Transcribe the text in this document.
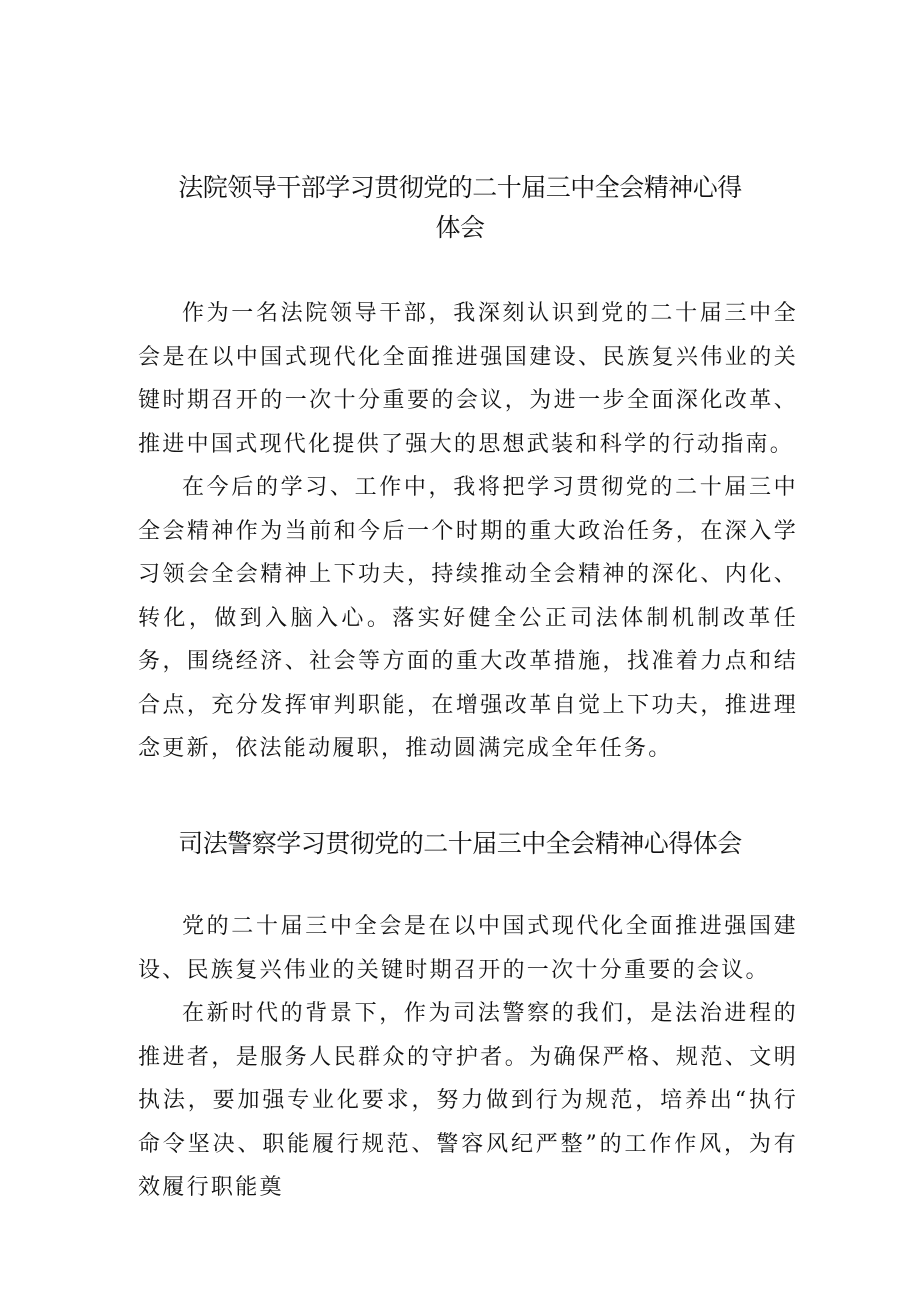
法院领导干部学习贯彻党的二十届三中全会精神心得
体会

作为一名法院领导干部，我深刻认识到党的二十届三中全会是在以中国式现代化全面推进强国建设、民族复兴伟业的关键时期召开的一次十分重要的会议，为进一步全面深化改革、推进中国式现代化提供了强大的思想武装和科学的行动指南。

在今后的学习、工作中，我将把学习贯彻党的二十届三中全会精神作为当前和今后一个时期的重大政治任务，在深入学习领会全会精神上下功夫，持续推动全会精神的深化、内化、转化，做到入脑入心。落实好健全公正司法体制机制改革任务，围绕经济、社会等方面的重大改革措施，找准着力点和结合点，充分发挥审判职能，在增强改革自觉上下功夫，推进理念更新，依法能动履职，推动圆满完成全年任务。

司法警察学习贯彻党的二十届三中全会精神心得体会

党的二十届三中全会是在以中国式现代化全面推进强国建设、民族复兴伟业的关键时期召开的一次十分重要的会议。

在新时代的背景下，作为司法警察的我们，是法治进程的推进者，是服务人民群众的守护者。为确保严格、规范、文明执法，要加强专业化要求，努力做到行为规范，培养出“执行命令坚决、职能履行规范、警容风纪严整”的工作作风，为有效履行职能奠
